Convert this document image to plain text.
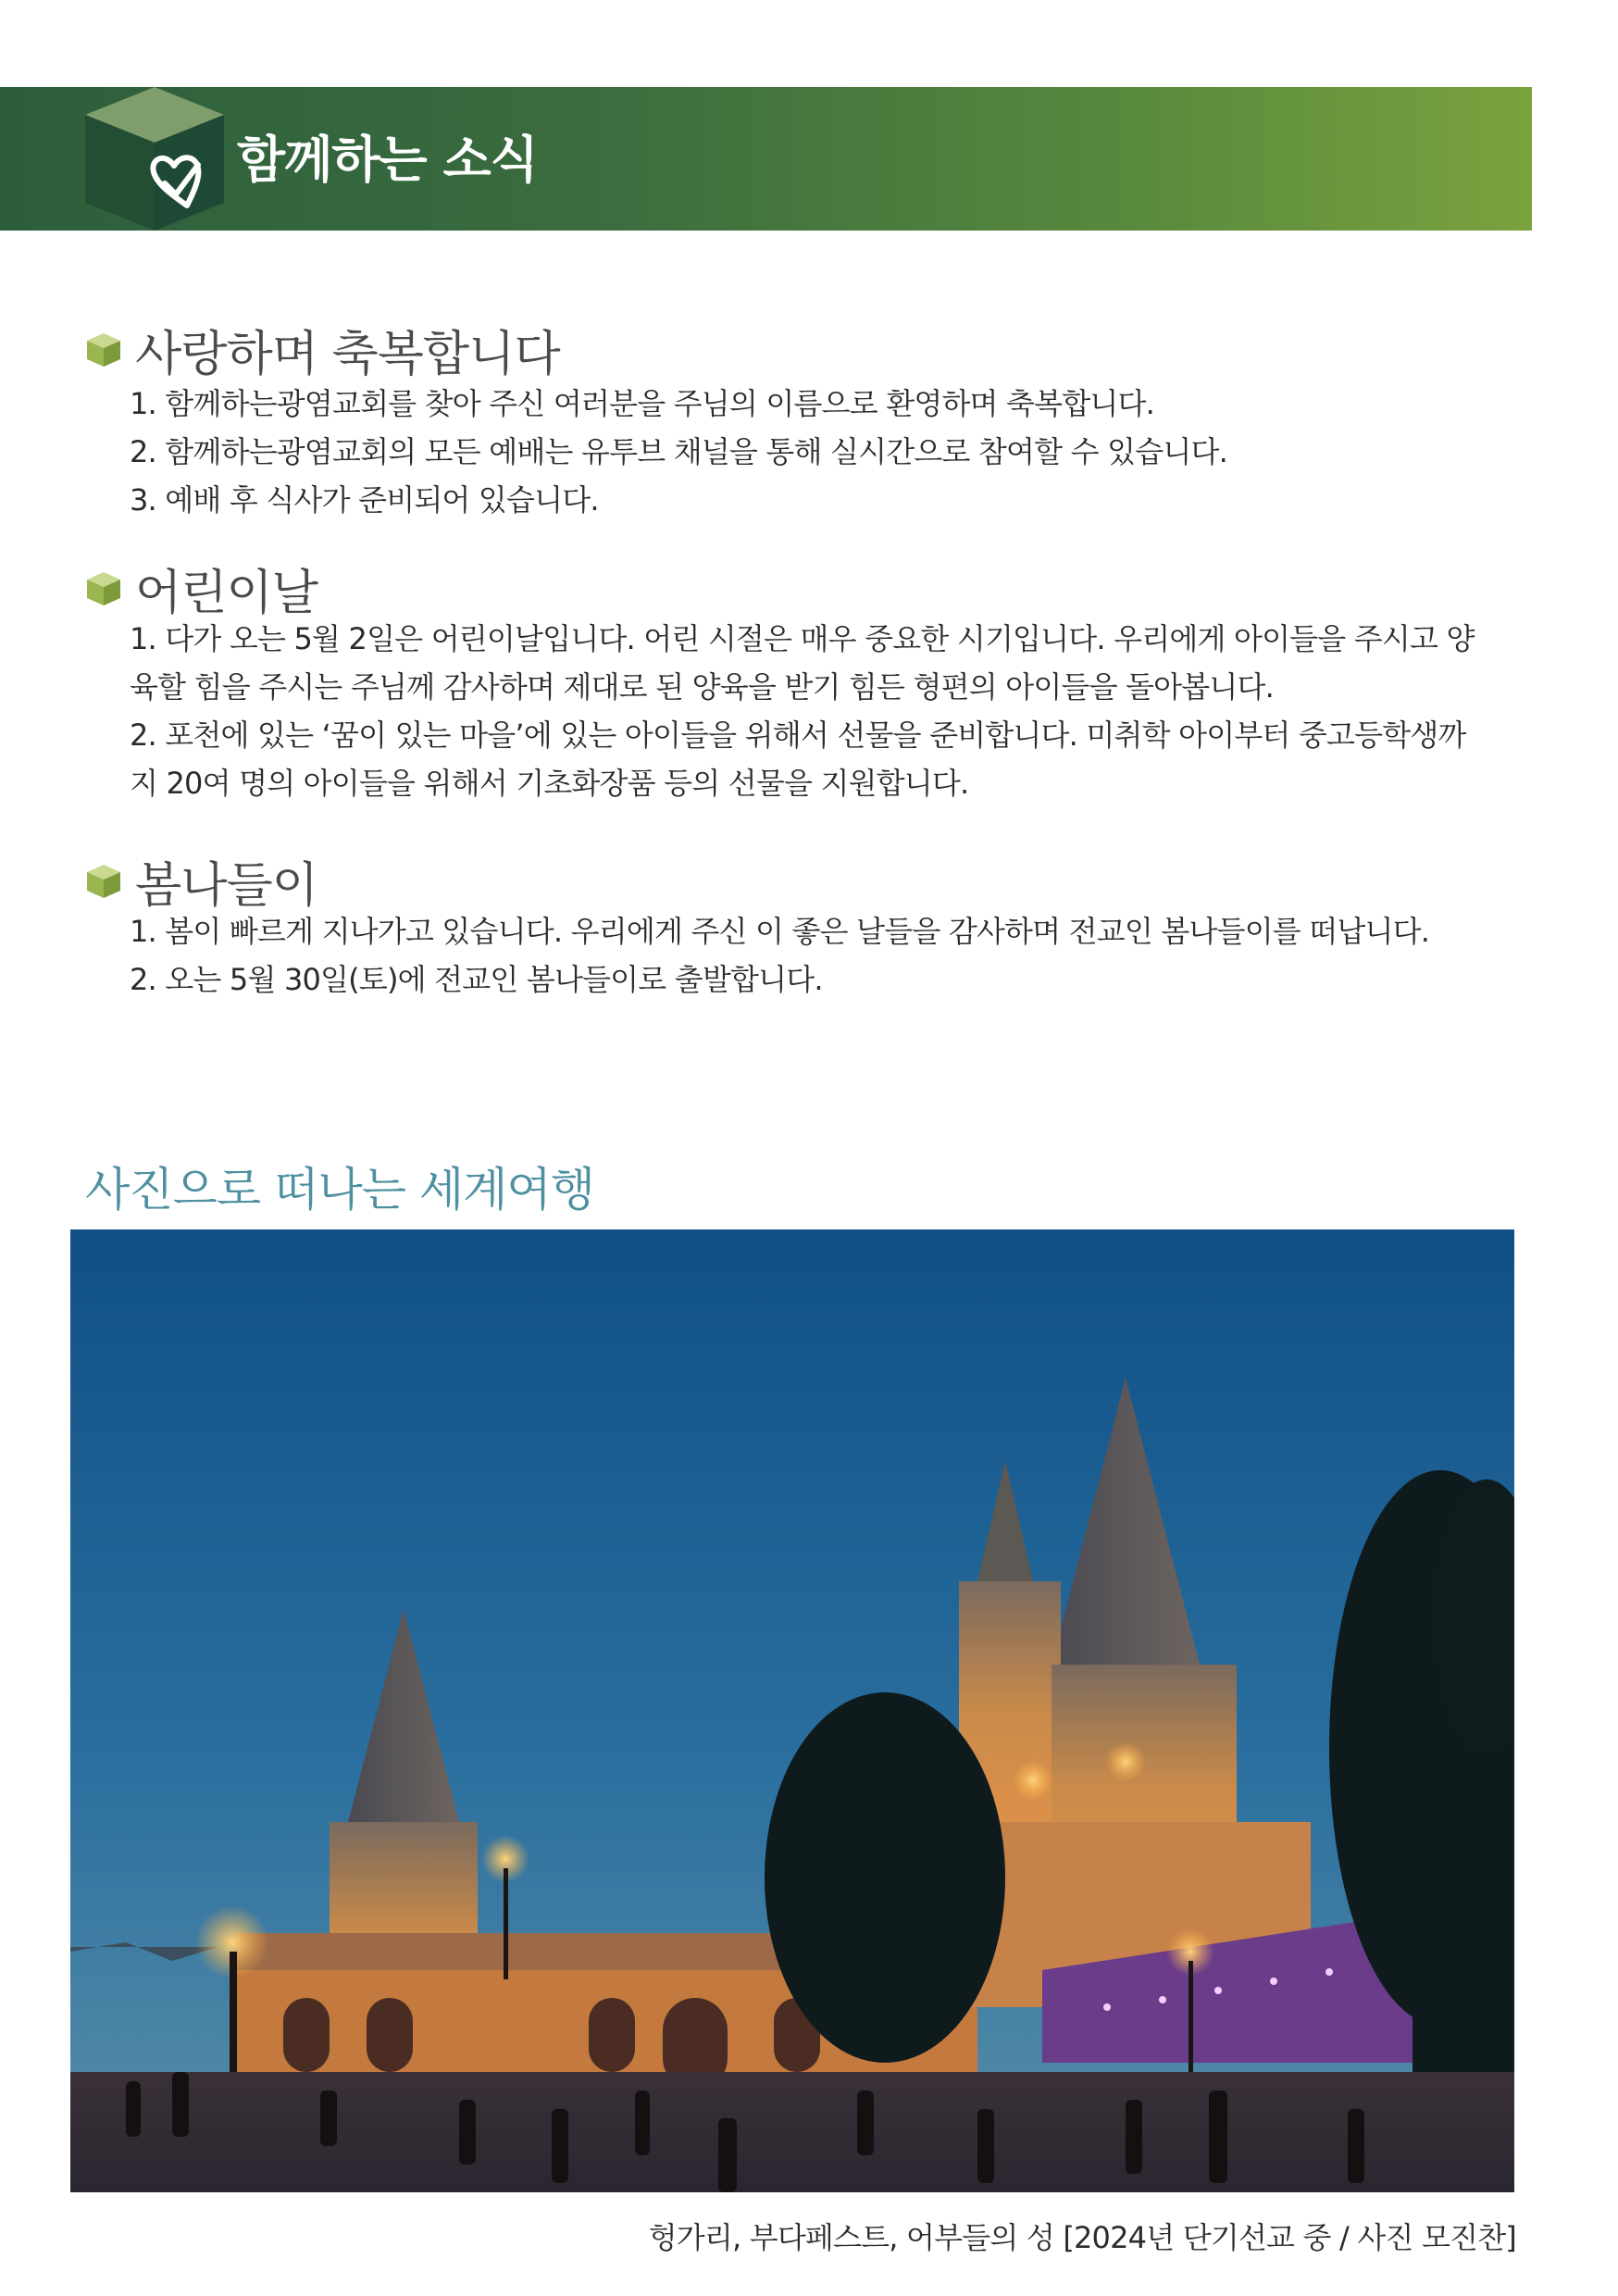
함께하는 소식
사랑하며 축복합니다

1. 함께하는광염교회를 찾아 주신 여러분을 주님의 이름으로 환영하며 축복합니다.

2. 함께하는광염교회의 모든 예배는 유투브 채널을 통해 실시간으로 참여할 수 있습니다.

3. 예배 후 식사가 준비되어 있습니다.

어린이날

1. 다가 오는 5월 2일은 어린이날입니다. 어린 시절은 매우 중요한 시기입니다. 우리에게 아이들을 주시고 양

육할 힘을 주시는 주님께 감사하며 제대로 된 양육을 받기 힘든 형편의 아이들을 돌아봅니다.

2. 포천에 있는 ‘꿈이 있는 마을’에 있는 아이들을 위해서 선물을 준비합니다. 미취학 아이부터 중고등학생까

지 20여 명의 아이들을 위해서 기초화장품 등의 선물을 지원합니다.

봄나들이

1. 봄이 빠르게 지나가고 있습니다. 우리에게 주신 이 좋은 날들을 감사하며 전교인 봄나들이를 떠납니다.

2. 오는 5월 30일(토)에 전교인 봄나들이로 출발합니다.

사진으로 떠나는 세계여행
헝가리, 부다페스트, 어부들의 성 [2024년 단기선교 중 / 사진 모진찬]
